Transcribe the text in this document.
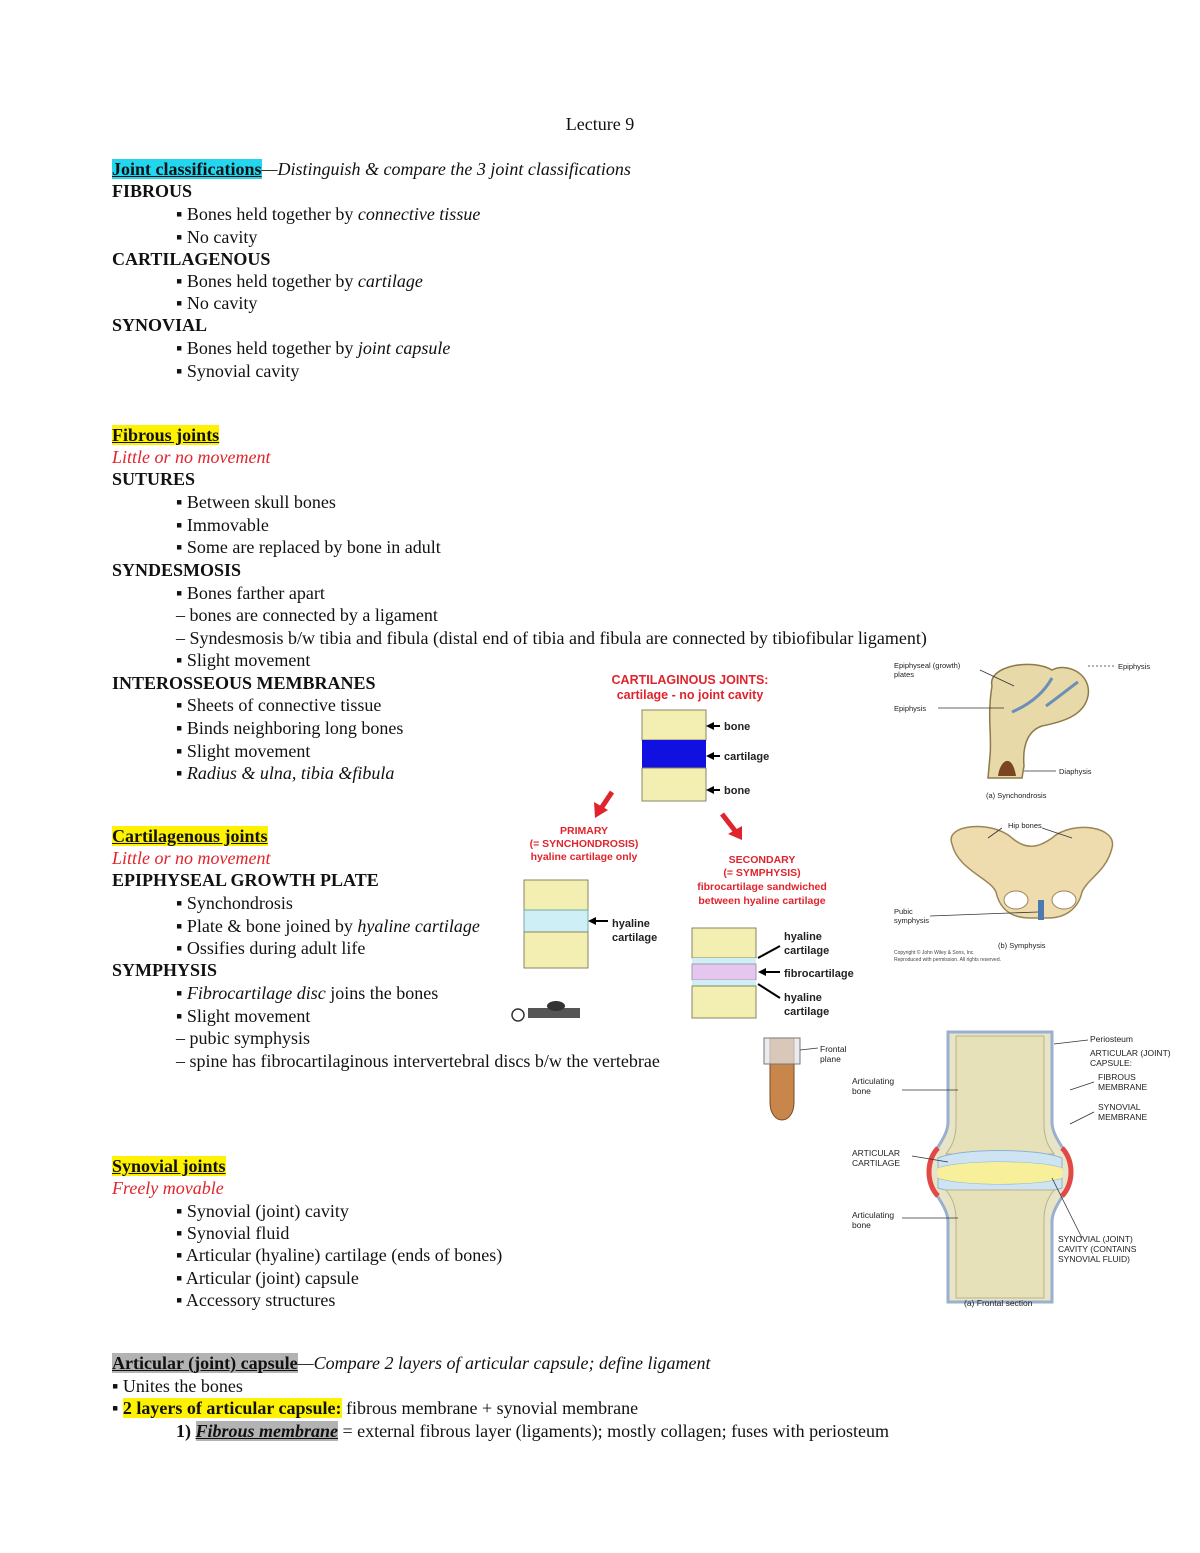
Lecture 9
Joint classifications—Distinguish & compare the 3 joint classifications
FIBROUS
▪ Bones held together by connective tissue
▪ No cavity
CARTILAGENOUS
▪ Bones held together by cartilage
▪ No cavity
SYNOVIAL
▪ Bones held together by joint capsule
▪ Synovial cavity
Fibrous joints
Little or no movement
SUTURES
▪ Between skull bones
▪ Immovable
▪ Some are replaced by bone in adult
SYNDESMOSIS
▪ Bones farther apart
– bones are connected by a ligament
– Syndesmosis b/w tibia and fibula (distal end of tibia and fibula are connected by tibiofibular ligament)
▪ Slight movement
INTEROSSEOUS MEMBRANES
▪ Sheets of connective tissue
▪ Binds neighboring long bones
▪ Slight movement
▪ Radius & ulna, tibia &fibula
Cartilagenous joints
Little or no movement
EPIPHYSEAL GROWTH PLATE
▪ Synchondrosis
▪ Plate & bone joined by hyaline cartilage
▪ Ossifies during adult life
SYMPHYSIS
▪ Fibrocartilage disc joins the bones
▪ Slight movement
– pubic symphysis
– spine has fibrocartilaginous intervertebral discs b/w the vertebrae
Synovial joints
Freely movable
▪ Synovial (joint) cavity
▪ Synovial fluid
▪ Articular (hyaline) cartilage (ends of bones)
▪ Articular (joint) capsule
▪ Accessory structures
Articular (joint) capsule—Compare 2 layers of articular capsule; define ligament
▪ Unites the bones
▪ 2 layers of articular capsule: fibrous membrane + synovial membrane
1) Fibrous membrane = external fibrous layer (ligaments); mostly collagen; fuses with periosteum
CARTILAGINOUS JOINTS:
cartilage - no joint cavity
bone
cartilage
bone
PRIMARY
(= SYNCHONDROSIS)
hyaline cartilage only
hyaline
cartilage
SECONDARY
(= SYMPHYSIS)
fibrocartilage sandwiched
between hyaline cartilage
hyaline
cartilage
fibrocartilage
hyaline
cartilage
Epiphyseal (growth)
plates
Epiphysis
Epiphysis
Diaphysis
(a) Synchondrosis
Hip bones
Pubic
symphysis
Copyright © John Wiley & Sons, Inc.
Reproduced with permission. All rights reserved.
(b) Symphysis
Frontal
plane
Articulating
bone
ARTICULAR
CARTILAGE
Articulating
bone
Periosteum
ARTICULAR (JOINT)
CAPSULE:
FIBROUS
MEMBRANE
SYNOVIAL
MEMBRANE
SYNOVIAL (JOINT)
CAVITY (CONTAINS
SYNOVIAL FLUID)
(a) Frontal section
